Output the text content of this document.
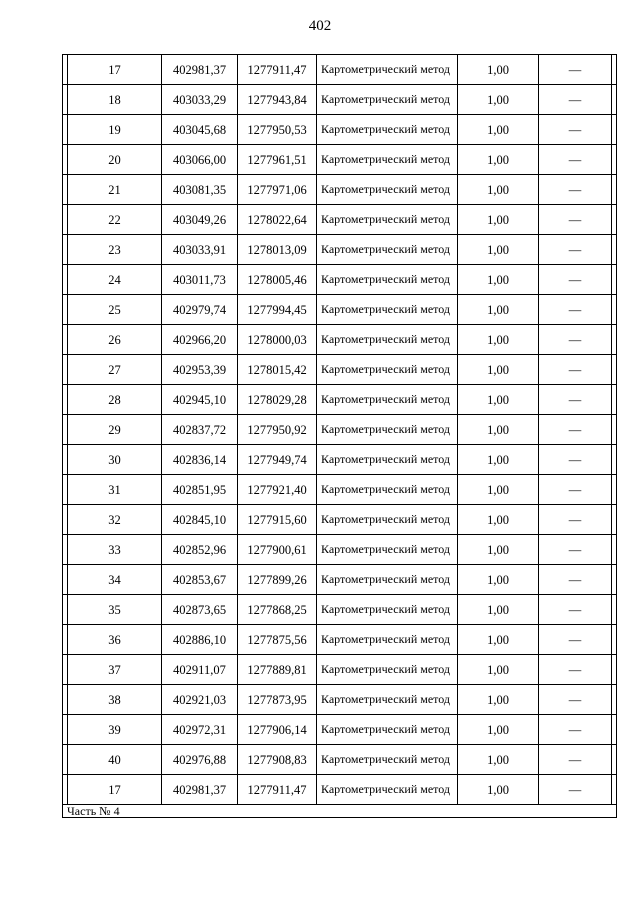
402
	17	402981,37	1277911,47	Картометрический метод	1,00	—	
	18	403033,29	1277943,84	Картометрический метод	1,00	—	
	19	403045,68	1277950,53	Картометрический метод	1,00	—	
	20	403066,00	1277961,51	Картометрический метод	1,00	—	
	21	403081,35	1277971,06	Картометрический метод	1,00	—	
	22	403049,26	1278022,64	Картометрический метод	1,00	—	
	23	403033,91	1278013,09	Картометрический метод	1,00	—	
	24	403011,73	1278005,46	Картометрический метод	1,00	—	
	25	402979,74	1277994,45	Картометрический метод	1,00	—	
	26	402966,20	1278000,03	Картометрический метод	1,00	—	
	27	402953,39	1278015,42	Картометрический метод	1,00	—	
	28	402945,10	1278029,28	Картометрический метод	1,00	—	
	29	402837,72	1277950,92	Картометрический метод	1,00	—	
	30	402836,14	1277949,74	Картометрический метод	1,00	—	
	31	402851,95	1277921,40	Картометрический метод	1,00	—	
	32	402845,10	1277915,60	Картометрический метод	1,00	—	
	33	402852,96	1277900,61	Картометрический метод	1,00	—	
	34	402853,67	1277899,26	Картометрический метод	1,00	—	
	35	402873,65	1277868,25	Картометрический метод	1,00	—	
	36	402886,10	1277875,56	Картометрический метод	1,00	—	
	37	402911,07	1277889,81	Картометрический метод	1,00	—	
	38	402921,03	1277873,95	Картометрический метод	1,00	—	
	39	402972,31	1277906,14	Картометрический метод	1,00	—	
	40	402976,88	1277908,83	Картометрический метод	1,00	—	
	17	402981,37	1277911,47	Картометрический метод	1,00	—	
Часть № 4							
